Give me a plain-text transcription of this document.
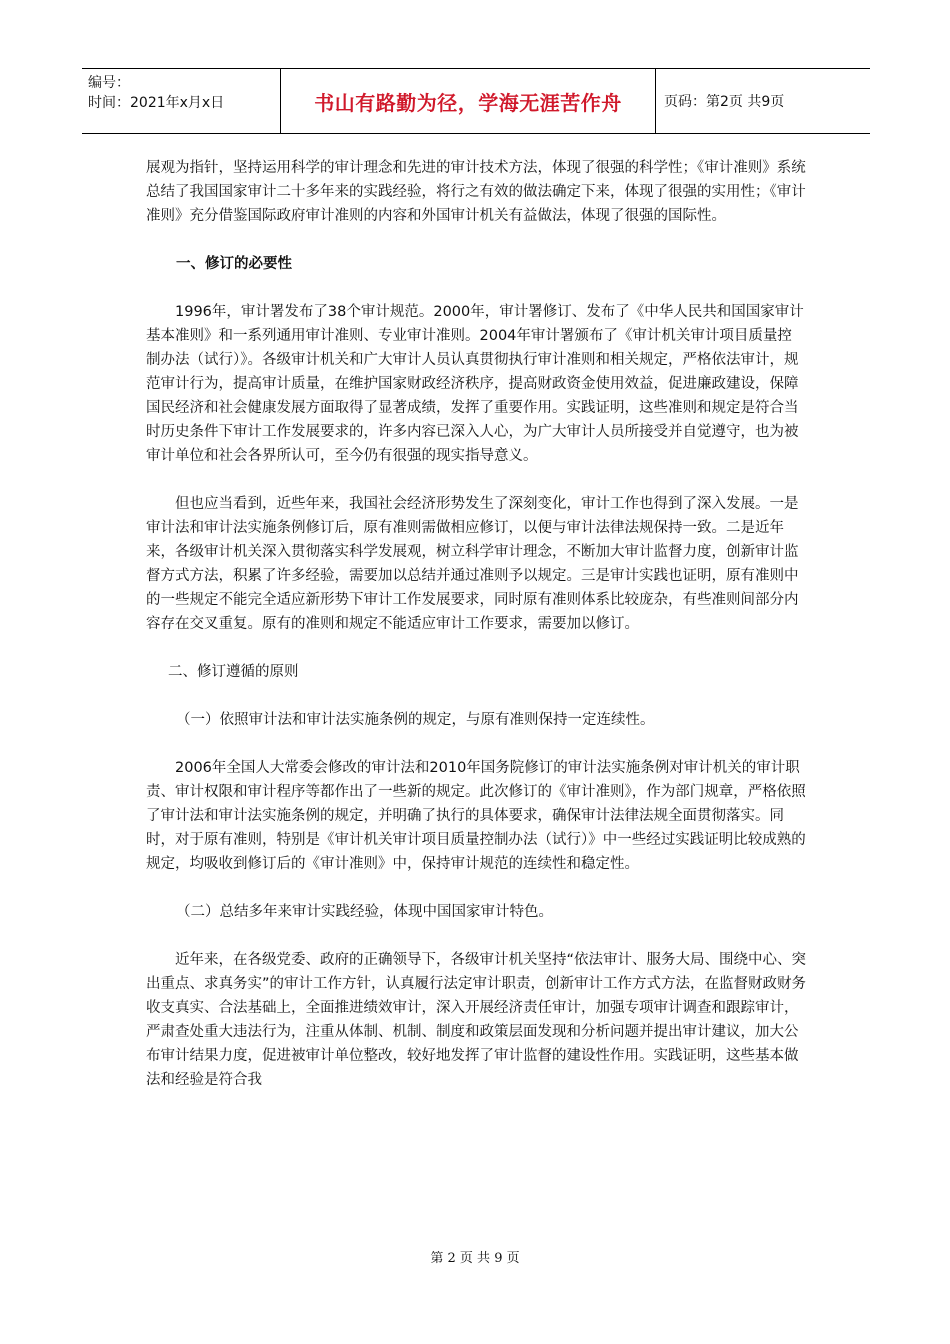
编号：
时间：2021年x月x日	书山有路勤为径，学海无涯苦作舟	页码：第2页 共9页

展观为指针，坚持运用科学的审计理念和先进的审计技术方法，体现了很强的科学性；《审计准则》系统总结了我国国家审计二十多年来的实践经验，将行之有效的做法确定下来，体现了很强的实用性；《审计准则》充分借鉴国际政府审计准则的内容和外国审计机关有益做法，体现了很强的国际性。

一、修订的必要性

1996年，审计署发布了38个审计规范。2000年，审计署修订、发布了《中华人民共和国国家审计基本准则》和一系列通用审计准则、专业审计准则。2004年审计署颁布了《审计机关审计项目质量控制办法（试行）》。各级审计机关和广大审计人员认真贯彻执行审计准则和相关规定，严格依法审计，规范审计行为，提高审计质量，在维护国家财政经济秩序，提高财政资金使用效益，促进廉政建设，保障国民经济和社会健康发展方面取得了显著成绩，发挥了重要作用。实践证明，这些准则和规定是符合当时历史条件下审计工作发展要求的，许多内容已深入人心，为广大审计人员所接受并自觉遵守，也为被审计单位和社会各界所认可，至今仍有很强的现实指导意义。

但也应当看到，近些年来，我国社会经济形势发生了深刻变化，审计工作也得到了深入发展。一是审计法和审计法实施条例修订后，原有准则需做相应修订，以便与审计法律法规保持一致。二是近年来，各级审计机关深入贯彻落实科学发展观，树立科学审计理念，不断加大审计监督力度，创新审计监督方式方法，积累了许多经验，需要加以总结并通过准则予以规定。三是审计实践也证明，原有准则中的一些规定不能完全适应新形势下审计工作发展要求，同时原有准则体系比较庞杂，有些准则间部分内容存在交叉重复。原有的准则和规定不能适应审计工作要求，需要加以修订。

二、修订遵循的原则

（一）依照审计法和审计法实施条例的规定，与原有准则保持一定连续性。

2006年全国人大常委会修改的审计法和2010年国务院修订的审计法实施条例对审计机关的审计职责、审计权限和审计程序等都作出了一些新的规定。此次修订的《审计准则》，作为部门规章，严格依照了审计法和审计法实施条例的规定，并明确了执行的具体要求，确保审计法律法规全面贯彻落实。同时，对于原有准则，特别是《审计机关审计项目质量控制办法（试行）》中一些经过实践证明比较成熟的规定，均吸收到修订后的《审计准则》中，保持审计规范的连续性和稳定性。

（二）总结多年来审计实践经验，体现中国国家审计特色。

近年来，在各级党委、政府的正确领导下，各级审计机关坚持“依法审计、服务大局、围绕中心、突出重点、求真务实”的审计工作方针，认真履行法定审计职责，创新审计工作方式方法，在监督财政财务收支真实、合法基础上，全面推进绩效审计，深入开展经济责任审计，加强专项审计调查和跟踪审计，严肃查处重大违法行为，注重从体制、机制、制度和政策层面发现和分析问题并提出审计建议，加大公布审计结果力度，促进被审计单位整改，较好地发挥了审计监督的建设性作用。实践证明，这些基本做法和经验是符合我

第 2 页 共 9 页
